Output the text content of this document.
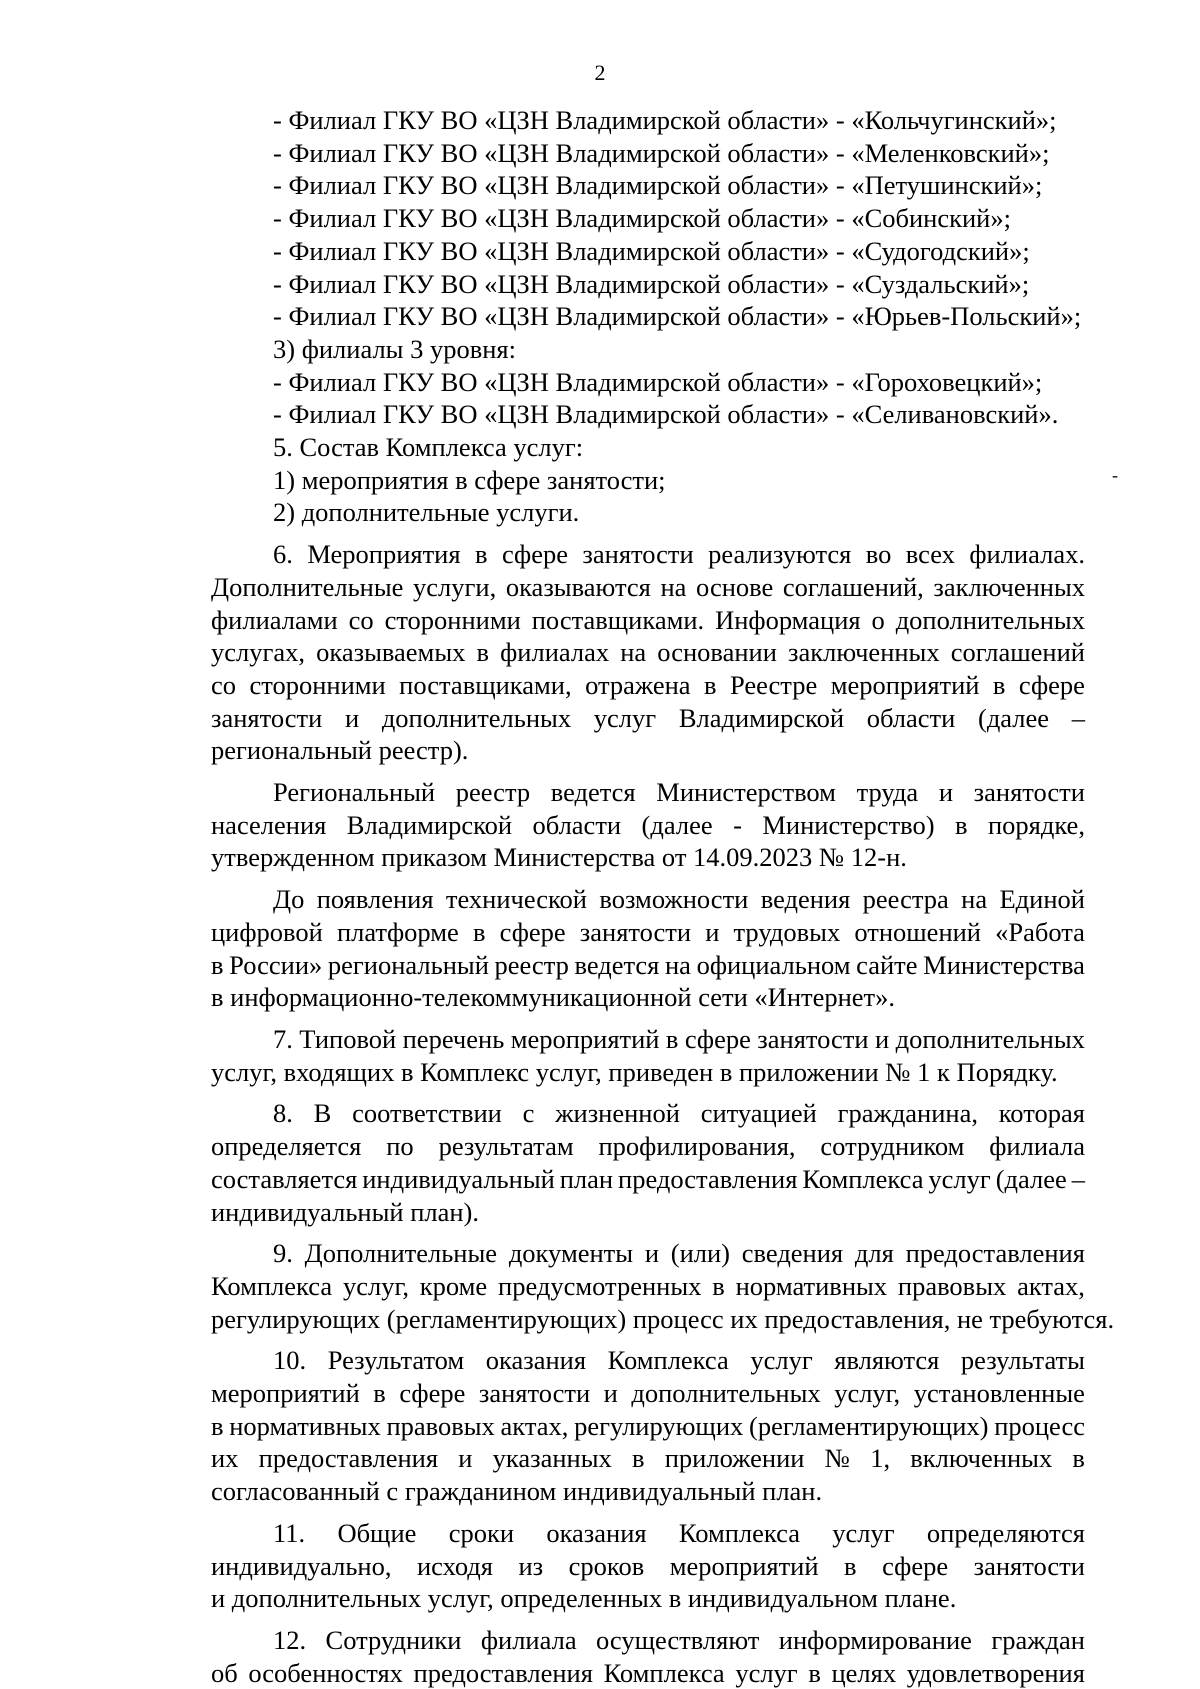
2
-
- Филиал ГКУ ВО «ЦЗН Владимирской области» - «Кольчугинский»;
- Филиал ГКУ ВО «ЦЗН Владимирской области» - «Меленковский»;
- Филиал ГКУ ВО «ЦЗН Владимирской области» - «Петушинский»;
- Филиал ГКУ ВО «ЦЗН Владимирской области» - «Собинский»;
- Филиал ГКУ ВО «ЦЗН Владимирской области» - «Судогодский»;
- Филиал ГКУ ВО «ЦЗН Владимирской области» - «Суздальский»;
- Филиал ГКУ ВО «ЦЗН Владимирской области» - «Юрьев-Польский»;
3) филиалы 3 уровня:
- Филиал ГКУ ВО «ЦЗН Владимирской области» - «Гороховецкий»;
- Филиал ГКУ ВО «ЦЗН Владимирской области» - «Селивановский».
5. Состав Комплекса услуг:
1) мероприятия в сфере занятости;
2) дополнительные услуги.
6. Мероприятия в сфере занятости реализуются во всех филиалах.
Дополнительные услуги, оказываются на основе соглашений, заключенных
филиалами со сторонними поставщиками. Информация о дополнительных
услугах, оказываемых в филиалах на основании заключенных соглашений
со сторонними поставщиками, отражена в Реестре мероприятий в сфере
занятости и дополнительных услуг Владимирской области (далее –
региональный реестр).
Региональный реестр ведется Министерством труда и занятости
населения Владимирской области (далее - Министерство) в порядке,
утвержденном приказом Министерства от 14.09.2023 № 12-н.
До появления технической возможности ведения реестра на Единой
цифровой платформе в сфере занятости и трудовых отношений «Работа
в России» региональный реестр ведется на официальном сайте Министерства
в информационно-телекоммуникационной сети «Интернет».
7. Типовой перечень мероприятий в сфере занятости и дополнительных
услуг, входящих в Комплекс услуг, приведен в приложении № 1 к Порядку.
8. В соответствии с жизненной ситуацией гражданина, которая
определяется по результатам профилирования, сотрудником филиала
составляется индивидуальный план предоставления Комплекса услуг (далее –
индивидуальный план).
9. Дополнительные документы и (или) сведения для предоставления
Комплекса услуг, кроме предусмотренных в нормативных правовых актах,
регулирующих (регламентирующих) процесс их предоставления, не требуются.
10. Результатом оказания Комплекса услуг являются результаты
мероприятий в сфере занятости и дополнительных услуг, установленные
в нормативных правовых актах, регулирующих (регламентирующих) процесс
их предоставления и указанных в приложении № 1, включенных в
согласованный с гражданином индивидуальный план.
11. Общие сроки оказания Комплекса услуг определяются
индивидуально, исходя из сроков мероприятий в сфере занятости
и дополнительных услуг, определенных в индивидуальном плане.
12. Сотрудники филиала осуществляют информирование граждан
об особенностях предоставления Комплекса услуг в целях удовлетворения
